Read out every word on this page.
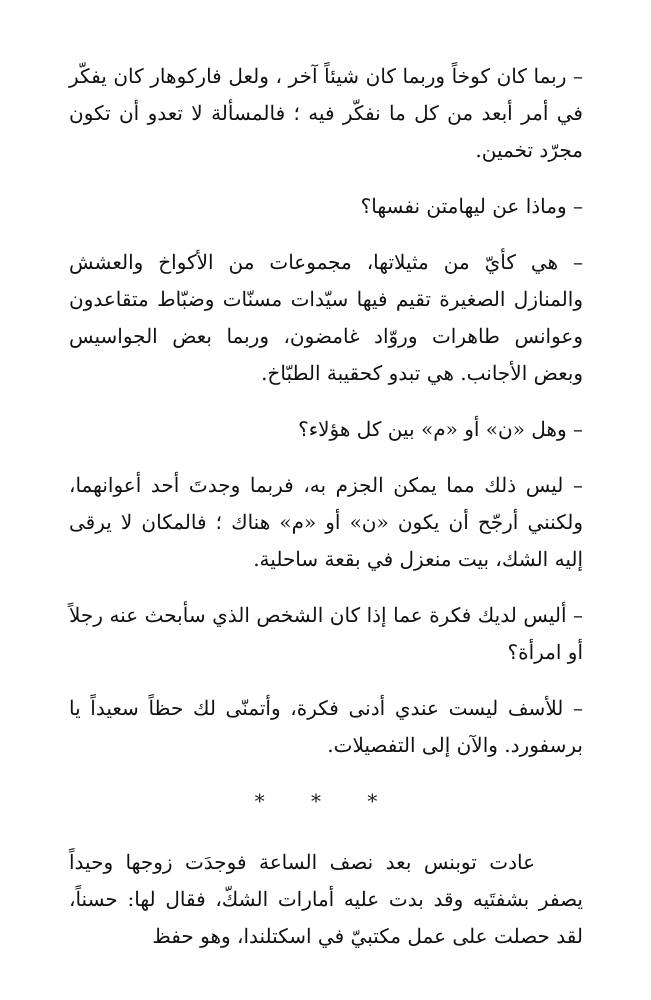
– ربما كان كوخاً وربما كان شيئاً آخر ، ولعل فاركوهار كان يفكّر في أمر أبعد من كل ما نفكّر فيه ؛ فالمسألة لا تعدو أن تكون مجرّد تخمين.

– وماذا عن ليهامتن نفسها؟

– هي كأيّ من مثيلاتها، مجموعات من الأكواخ والعشش والمنازل الصغيرة تقيم فيها سيّدات مسنّات وضبّاط متقاعدون وعوانس طاهرات وروّاد غامضون، وربما بعض الجواسيس وبعض الأجانب. هي تبدو كحقيبة الطبّاخ.

– وهل «ن» أو «م» بين كل هؤلاء؟

– ليس ذلك مما يمكن الجزم به، فربما وجدتَ أحد أعوانهما، ولكنني أرجّح أن يكون «ن» أو «م» هناك ؛ فالمكان لا يرقى إليه الشك، بيت منعزل في بقعة ساحلية.

– أليس لديك فكرة عما إذا كان الشخص الذي سأبحث عنه رجلاً أو امرأة؟

– للأسف ليست عندي أدنى فكرة، وأتمنّى لك حظاً سعيداً يا برسفورد. والآن إلى التفصيلات.

* * *

عادت توبنس بعد نصف الساعة فوجدَت زوجها وحيداً يصفر بشفتَيه وقد بدت عليه أمارات الشكّ، فقال لها: حسناً، لقد حصلت على عمل مكتبيّ في اسكتلندا، وهو حفظ
